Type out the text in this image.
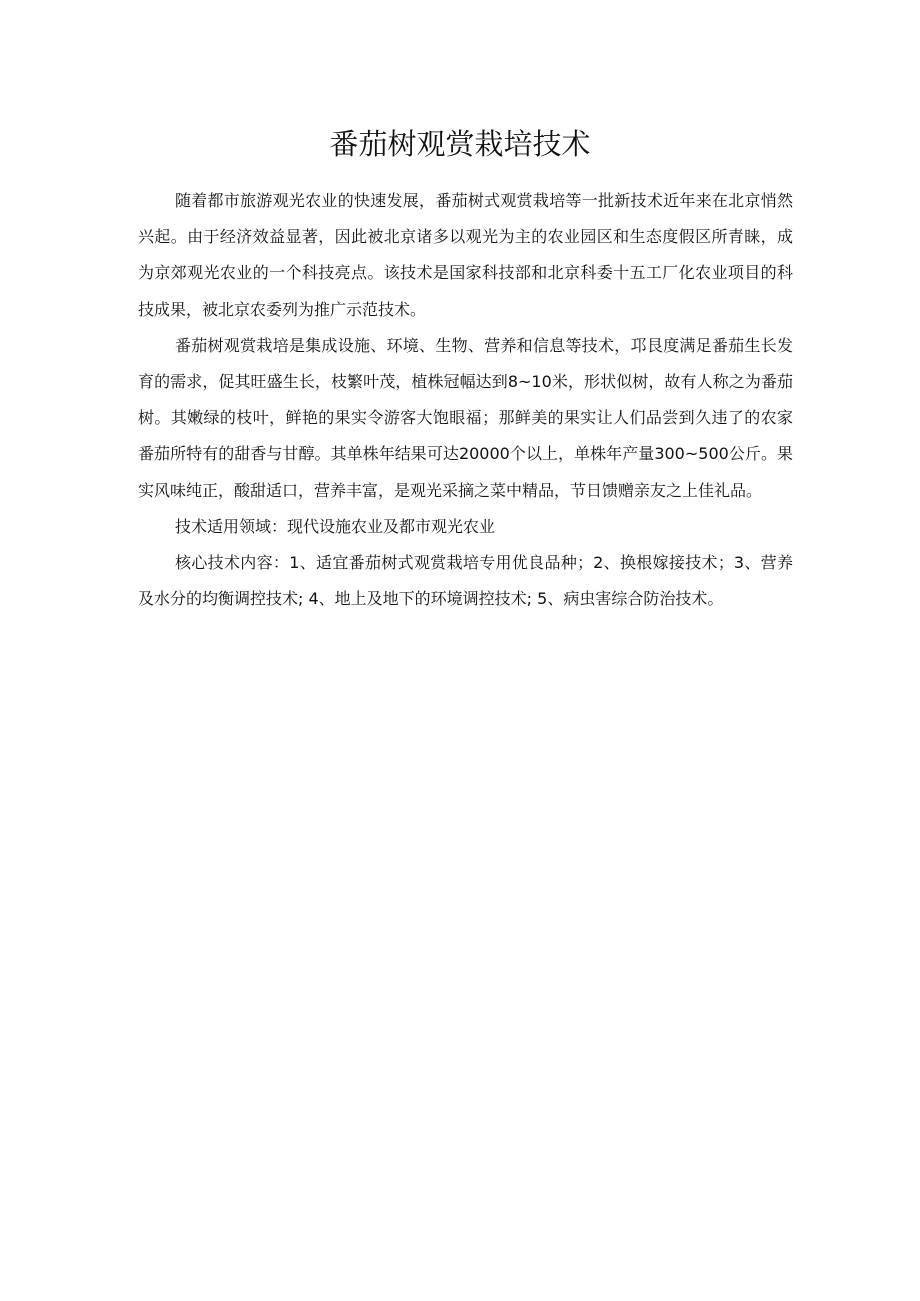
番茄树观赏栽培技术

随着都市旅游观光农业的快速发展，番茄树式观赏栽培等一批新技术近年来在北京悄然兴起。由于经济效益显著，因此被北京诸多以观光为主的农业园区和生态度假区所青睐，成为京郊观光农业的一个科技亮点。该技术是国家科技部和北京科委十五工厂化农业项目的科技成果，被北京农委列为推广示范技术。

番茄树观赏栽培是集成设施、环境、生物、营养和信息等技术，邛艮度满足番茄生长发育的需求，促其旺盛生长，枝繁叶茂，植株冠幅达到8~10米，形状似树，故有人称之为番茄树。其嫩绿的枝叶，鲜艳的果实令游客大饱眼福；那鲜美的果实让人们品尝到久违了的农家番茄所特有的甜香与甘醇。其单株年结果可达20000个以上，单株年产量300~500公斤。果实风味纯正，酸甜适口，营养丰富，是观光采摘之菜中精品，节日馈赠亲友之上佳礼品。

技术适用领域：现代设施农业及都市观光农业

核心技术内容：1、适宜番茄树式观赏栽培专用优良品种；2、换根嫁接技术；3、营养及水分的均衡调控技术; 4、地上及地下的环境调控技术; 5、病虫害综合防治技术。
